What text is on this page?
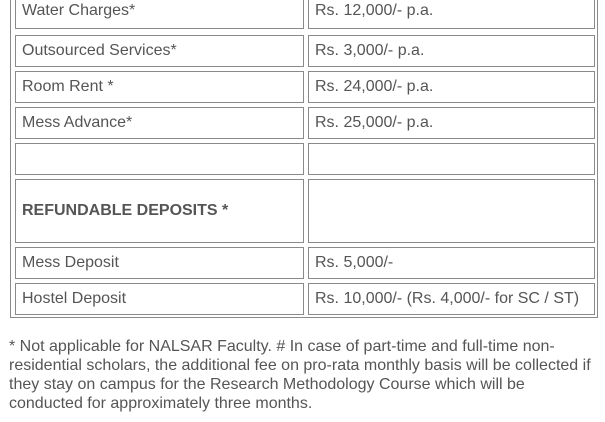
Water Charges*	Rs. 12,000/- p.a.
Outsourced Services*	Rs. 3,000/- p.a.
Room Rent *	Rs. 24,000/- p.a.
Mess Advance*	Rs. 25,000/- p.a.
REFUNDABLE DEPOSITS *
Mess Deposit	Rs. 5,000/-
Hostel Deposit	Rs. 10,000/- (Rs. 4,000/- for SC / ST)
* Not applicable for NALSAR Faculty. # In case of part-time and full-time non-residential scholars, the additional fee on pro-rata monthly basis will be collected if they stay on campus for the Research Methodology Course which will be conducted for approximately three months.
